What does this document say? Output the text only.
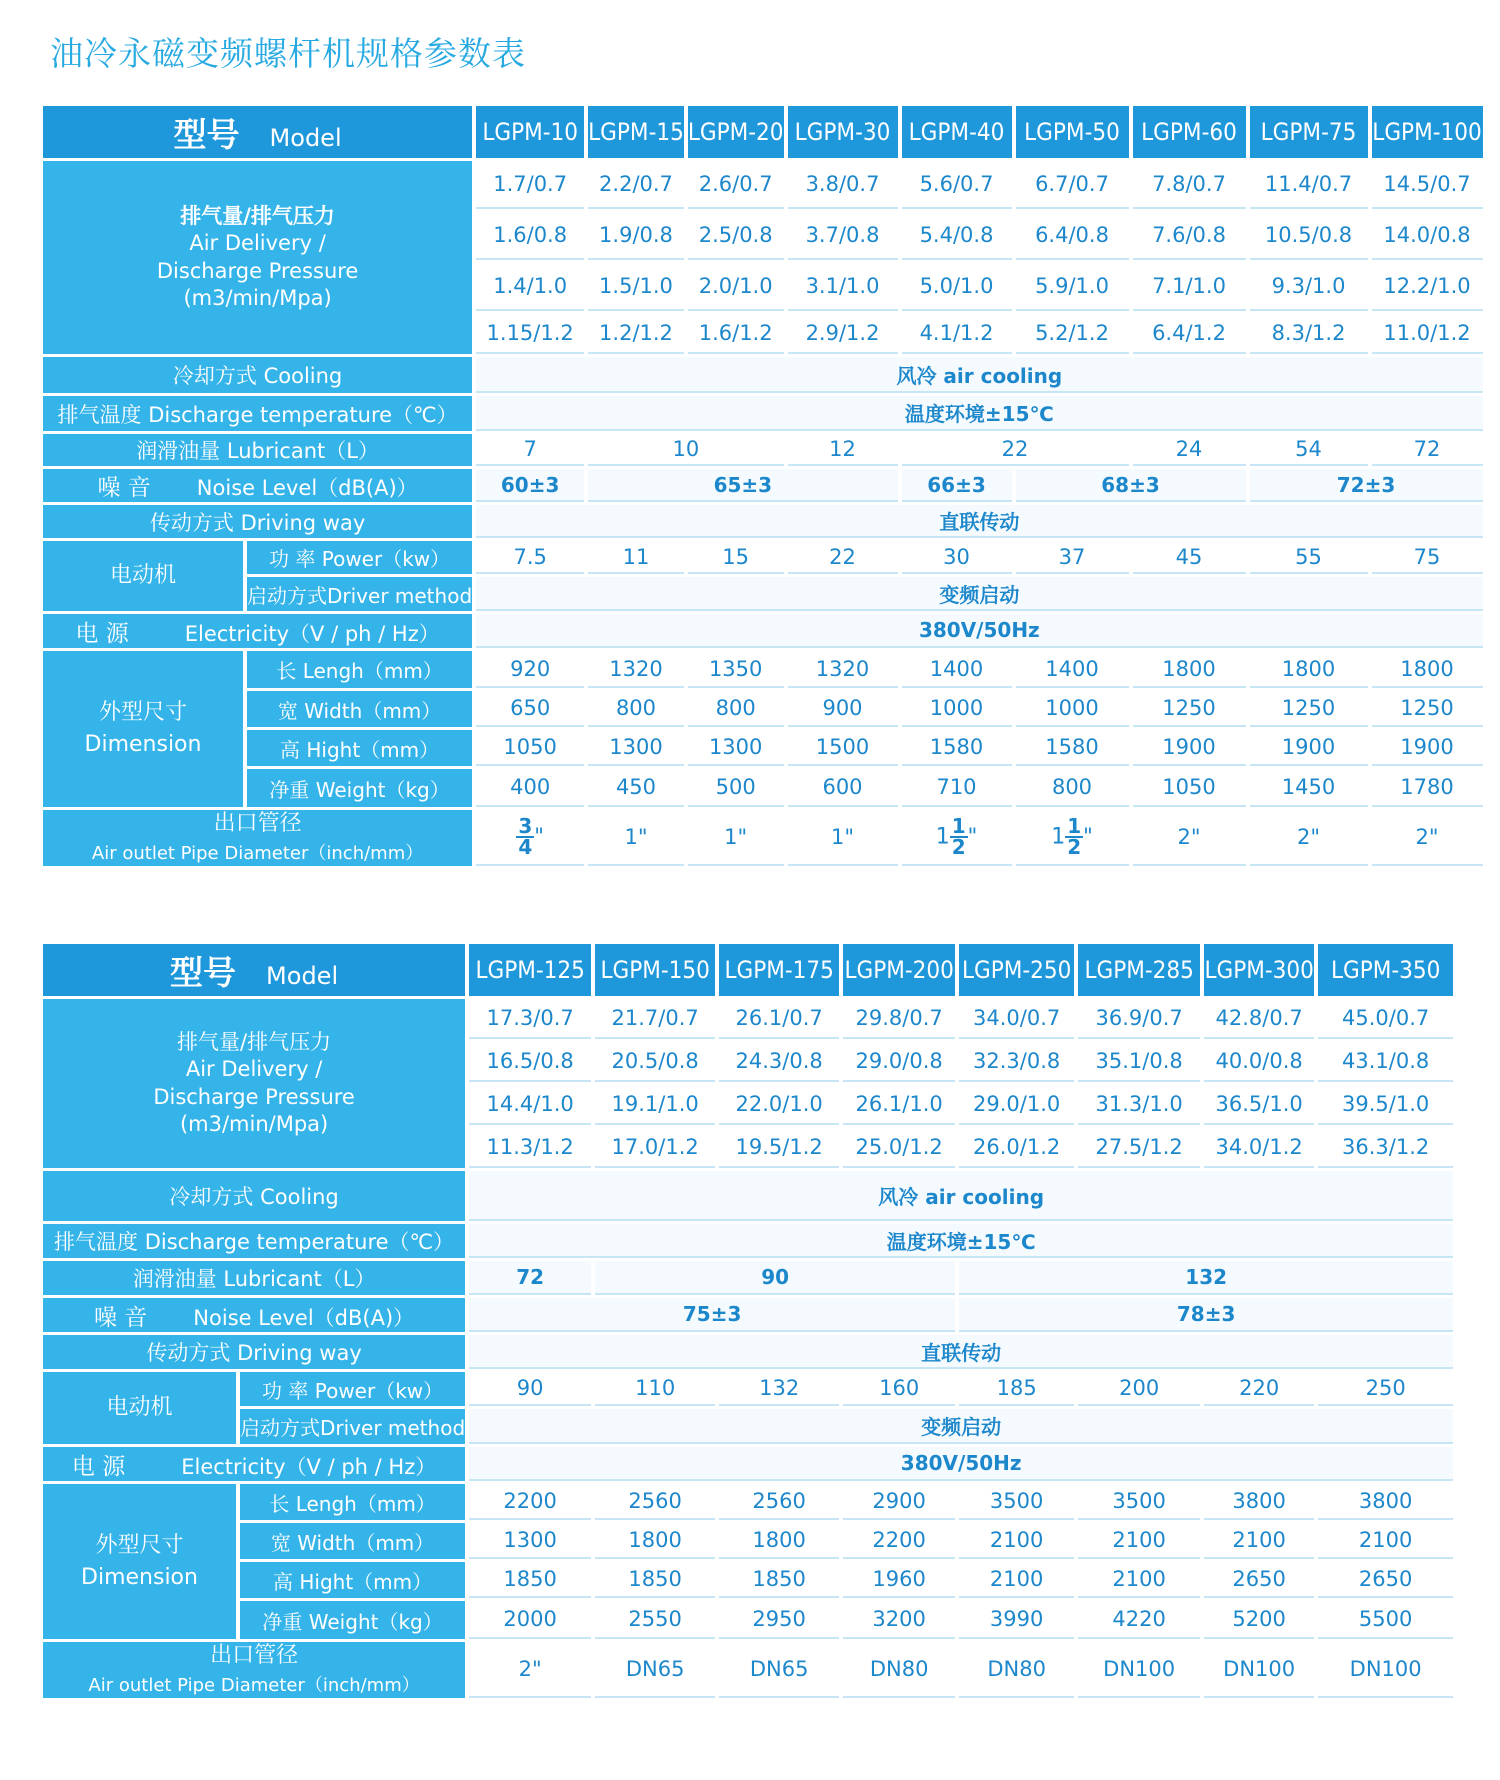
油冷永磁变频螺杆机规格参数表
型号 Model		LGPM-10	LGPM-15	LGPM-20	LGPM-30	LGPM-40	LGPM-50	LGPM-60	LGPM-75	LGPM-100
排气量/排气压力
Air Delivery /
Discharge Pressure
(m3/min/Mpa)		1.7/0.7	2.2/0.7	2.6/0.7	3.8/0.7	5.6/0.7	6.7/0.7	7.8/0.7	11.4/0.7	14.5/0.7
		1.6/0.8	1.9/0.8	2.5/0.8	3.7/0.8	5.4/0.8	6.4/0.8	7.6/0.8	10.5/0.8	14.0/0.8
		1.4/1.0	1.5/1.0	2.0/1.0	3.1/1.0	5.0/1.0	5.9/1.0	7.1/1.0	9.3/1.0	12.2/1.0
		1.15/1.2	1.2/1.2	1.6/1.2	2.9/1.2	4.1/1.2	5.2/1.2	6.4/1.2	8.3/1.2	11.0/1.2
冷却方式 Cooling		风冷 air cooling								
排气温度 Discharge temperature（℃）		温度环境±15℃								
润滑油量 Lubricant（L）		7	10		12	22		24	54	72
噪 音 Noise Level（dB(A)）		60±3	65±3			66±3	68±3		72±3	
传动方式 Driving way		直联传动								
电动机	功 率 Power（kw）	7.5	11	15	22	30	37	45	55	75
	启动方式Driver method	变频启动								
电 源 Electricity（V / ph / Hz）		380V/50Hz								
外型尺寸
Dimension	长 Lengh（mm）	920	1320	1350	1320	1400	1400	1800	1800	1800
	宽 Width（mm）	650	800	800	900	1000	1000	1250	1250	1250
	高 Hight（mm）	1050	1300	1300	1500	1580	1580	1900	1900	1900
	净重 Weight（kg）	400	450	500	600	710	800	1050	1450	1780
出口管径
Air outlet Pipe Diameter（inch/mm）		$\frac{3}{4}$ "	1"	1"	1"	$1 \frac{1}{2}$ "	$1 \frac{1}{2}$ "	2"	2"	2"
型号 Model		LGPM-125	LGPM-150	LGPM-175	LGPM-200	LGPM-250	LGPM-285	LGPM-300	LGPM-350
排气量/排气压力
Air Delivery /
Discharge Pressure
(m3/min/Mpa)		17.3/0.7	21.7/0.7	26.1/0.7	29.8/0.7	34.0/0.7	36.9/0.7	42.8/0.7	45.0/0.7
		16.5/0.8	20.5/0.8	24.3/0.8	29.0/0.8	32.3/0.8	35.1/0.8	40.0/0.8	43.1/0.8
		14.4/1.0	19.1/1.0	22.0/1.0	26.1/1.0	29.0/1.0	31.3/1.0	36.5/1.0	39.5/1.0
		11.3/1.2	17.0/1.2	19.5/1.2	25.0/1.2	26.0/1.2	27.5/1.2	34.0/1.2	36.3/1.2
冷却方式 Cooling		风冷 air cooling							
排气温度 Discharge temperature（℃）		温度环境±15℃							
润滑油量 Lubricant（L）		72	90			132			
噪 音 Noise Level（dB(A)）		75±3				78±3			
传动方式 Driving way		直联传动							
电动机	功 率 Power（kw）	90	110	132	160	185	200	220	250
	启动方式Driver method	变频启动							
电 源 Electricity（V / ph / Hz）		380V/50Hz							
外型尺寸
Dimension	长 Lengh（mm）	2200	2560	2560	2900	3500	3500	3800	3800
	宽 Width（mm）	1300	1800	1800	2200	2100	2100	2100	2100
	高 Hight（mm）	1850	1850	1850	1960	2100	2100	2650	2650
	净重 Weight（kg）	2000	2550	2950	3200	3990	4220	5200	5500
出口管径
Air outlet Pipe Diameter（inch/mm）		2"	DN65	DN65	DN80	DN80	DN100	DN100	DN100
